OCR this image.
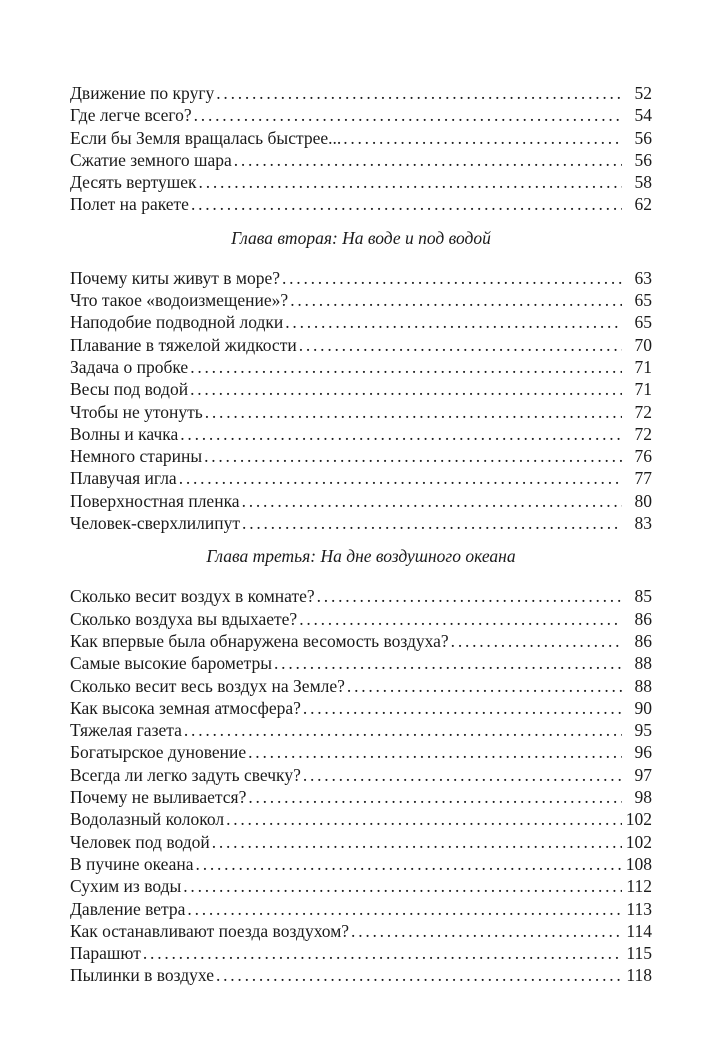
Движение по кругу . . .	52
Где легче всего? . . .	54
Если бы Земля вращалась быстрее... . . .	56
Сжатие земного шара . . .	56
Десять вертушек . . .	58
Полет на ракете . . .	62
Глава вторая: На воде и под водой
Почему киты живут в море? . . .	63
Что такое «водоизмещение»? . . .	65
Наподобие подводной лодки . . .	65
Плавание в тяжелой жидкости . . .	70
Задача о пробке . . .	71
Весы под водой . . .	71
Чтобы не утонуть . . .	72
Волны и качка . . .	72
Немного старины . . .	76
Плавучая игла . . .	77
Поверхностная пленка . . .	80
Человек-сверхлилипут . . .	83
Глава третья: На дне воздушного океана
Сколько весит воздух в комнате? . . .	85
Сколько воздуха вы вдыхаете? . . .	86
Как впервые была обнаружена весомость воздуха? . . .	86
Самые высокие барометры . . .	88
Сколько весит весь воздух на Земле? . . .	88
Как высока земная атмосфера? . . .	90
Тяжелая газета . . .	95
Богатырское дуновение . . .	96
Всегда ли легко задуть свечку? . . .	97
Почему не выливается? . . .	98
Водолазный колокол . . .	102
Человек под водой . . .	102
В пучине океана . . .	108
Сухим из воды . . .	112
Давление ветра . . .	113
Как останавливают поезда воздухом? . . .	114
Парашют . . .	115
Пылинки в воздухе . . .	118
